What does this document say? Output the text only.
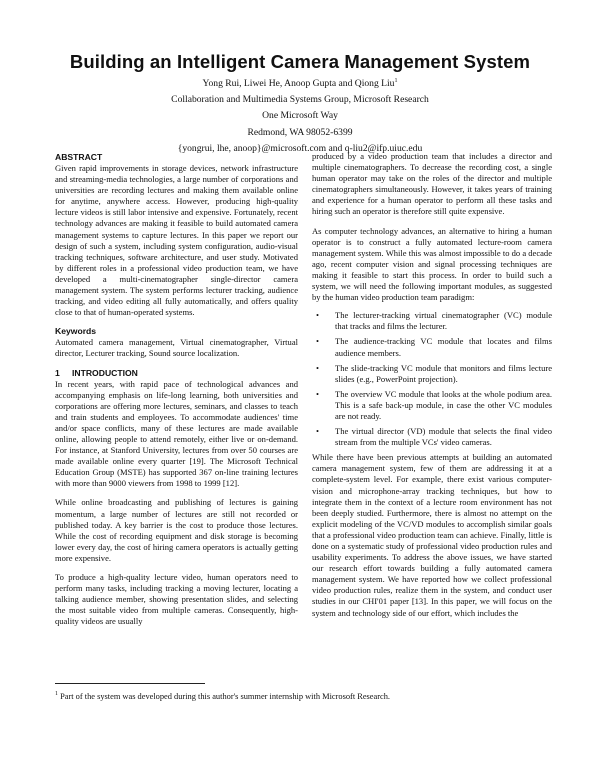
Building an Intelligent Camera Management System
Yong Rui, Liwei He, Anoop Gupta and Qiong Liu$^1$
Collaboration and Multimedia Systems Group, Microsoft Research
One Microsoft Way
Redmond, WA 98052-6399
{yongrui, lhe, anoop}@microsoft.com and q-liu2@ifp.uiuc.edu
ABSTRACT

Given rapid improvements in storage devices, network infrastructure and streaming-media technologies, a large number of corporations and universities are recording lectures and making them available online for anytime, anywhere access. However, producing high-quality lecture videos is still labor intensive and expensive. Fortunately, recent technology advances are making it feasible to build automated camera management systems to capture lectures. In this paper we report our design of such a system, including system configuration, audio-visual tracking techniques, software architecture, and user study. Motivated by different roles in a professional video production team, we have developed a multi-cinematographer single-director camera management system. The system performs lecturer tracking, audience tracking, and video editing all fully automatically, and offers quality close to that of human-operated systems.

Keywords

Automated camera management, Virtual cinematographer, Virtual director, Lecturer tracking, Sound source localization.

1 INTRODUCTION

In recent years, with rapid pace of technological advances and accompanying emphasis on life-long learning, both universities and corporations are offering more lectures, seminars, and classes to teach and train students and employees. To accommodate audiences' time and/or space conflicts, many of these lectures are made available online, allowing people to attend remotely, either live or on-demand. For instance, at Stanford University, lectures from over 50 courses are made available online every quarter [19]. The Microsoft Technical Education Group (MSTE) has supported 367 on-line training lectures with more than 9000 viewers from 1998 to 1999 [12].

While online broadcasting and publishing of lectures is gaining momentum, a large number of lectures are still not recorded or published today. A key barrier is the cost to produce those lectures. While the cost of recording equipment and disk storage is becoming lower every day, the cost of hiring camera operators is actually getting more expensive.

To produce a high-quality lecture video, human operators need to perform many tasks, including tracking a moving lecturer, locating a talking audience member, showing presentation slides, and selecting the most suitable video from multiple cameras. Consequently, high-quality videos are usually

produced by a video production team that includes a director and multiple cinematographers. To decrease the recording cost, a single human operator may take on the roles of the director and multiple cinematographers simultaneously. However, it takes years of training and experience for a human operator to perform all these tasks and hiring such an operator is therefore still quite expensive.

As computer technology advances, an alternative to hiring a human operator is to construct a fully automated lecture-room camera management system. While this was almost impossible to do a decade ago, recent computer vision and signal processing techniques are making it feasible to start this process. In order to build such a system, we will need the following important modules, as suggested by the human video production team paradigm:

• The lecturer-tracking virtual cinematographer (VC) module that tracks and films the lecturer.
• The audience-tracking VC module that locates and films audience members.
• The slide-tracking VC module that monitors and films lecture slides (e.g., PowerPoint projection).
• The overview VC module that looks at the whole podium area. This is a safe back-up module, in case the other VC modules are not ready.
• The virtual director (VD) module that selects the final video stream from the multiple VCs' video cameras.

While there have been previous attempts at building an automated camera management system, few of them are addressing it at a complete-system level. For example, there exist various computer-vision and microphone-array tracking techniques, but how to integrate them in the context of a lecture room environment has not been deeply studied. Furthermore, there is almost no attempt on the explicit modeling of the VC/VD modules to accomplish similar goals that a professional video production team can achieve. Finally, little is done on a systematic study of professional video production rules and usability experiments. To address the above issues, we have started our research effort towards building a fully automated camera management system. We have reported how we collect professional video production rules, realize them in the system, and conduct user studies in our CHI'01 paper [13]. In this paper, we will focus on the system and technology side of our effort, which includes the

$^1$ Part of the system was developed during this author's summer internship with Microsoft Research.
